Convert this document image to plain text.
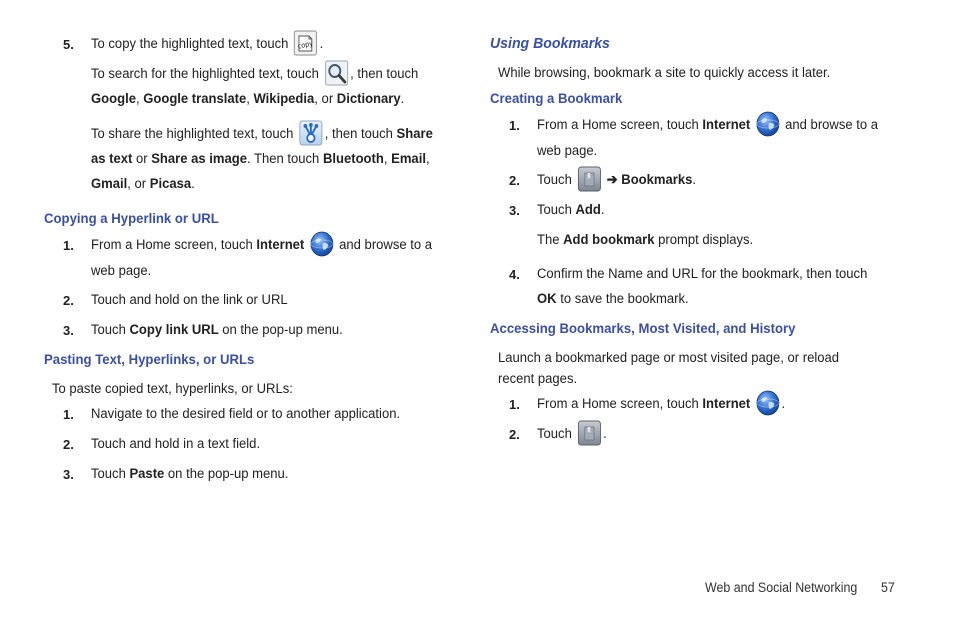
5. To copy the highlighted text, touch copy .
To search for the highlighted text, touch , then touch
Google, Google translate, Wikipedia, or Dictionary.
To share the highlighted text, touch , then touch Share
as text or Share as image. Then touch Bluetooth, Email,
Gmail, or Picasa.
Copying a Hyperlink or URL
1. From a Home screen, touch Internet and browse to a
web page.
2. Touch and hold on the link or URL
3. Touch Copy link URL on the pop-up menu.
Pasting Text, Hyperlinks, or URLs
To paste copied text, hyperlinks, or URLs:
1. Navigate to the desired field or to another application.
2. Touch and hold in a text field.
3. Touch Paste on the pop-up menu.
Using Bookmarks
While browsing, bookmark a site to quickly access it later.
Creating a Bookmark
1. From a Home screen, touch Internet and browse to a
web page.
2. Touch ➔ Bookmarks.
3. Touch Add.
The Add bookmark prompt displays.
4. Confirm the Name and URL for the bookmark, then touch
OK to save the bookmark.
Accessing Bookmarks, Most Visited, and History
Launch a bookmarked page or most visited page, or reload
recent pages.
1. From a Home screen, touch Internet .
2. Touch .
Web and Social Networking 57
